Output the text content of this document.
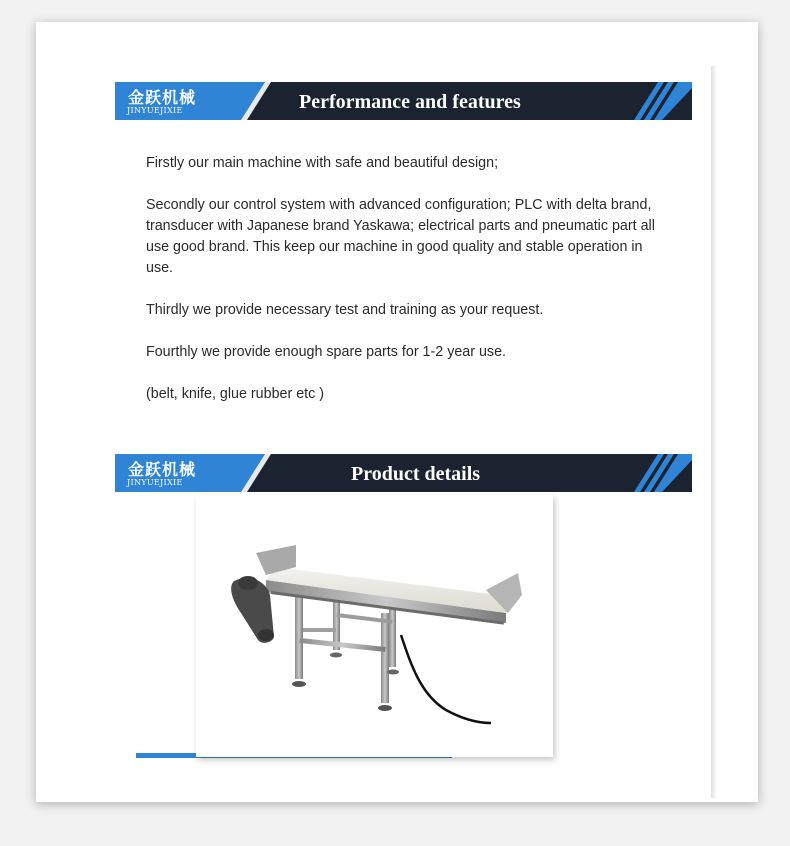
金跃机械
JINYUEJIXIE	Performance and features

Firstly our main machine with safe and beautiful design;

Secondly our control system with advanced configuration; PLC with delta brand, transducer with Japanese brand Yaskawa; electrical parts and pneumatic part all use good brand. This keep our machine in good quality and stable operation in use.

Thirdly we provide necessary test and training as your request.

Fourthly we provide enough spare parts for 1-2 year use.

(belt, knife, glue rubber etc )

金跃机械
JINYUEJIXIE	Product details
